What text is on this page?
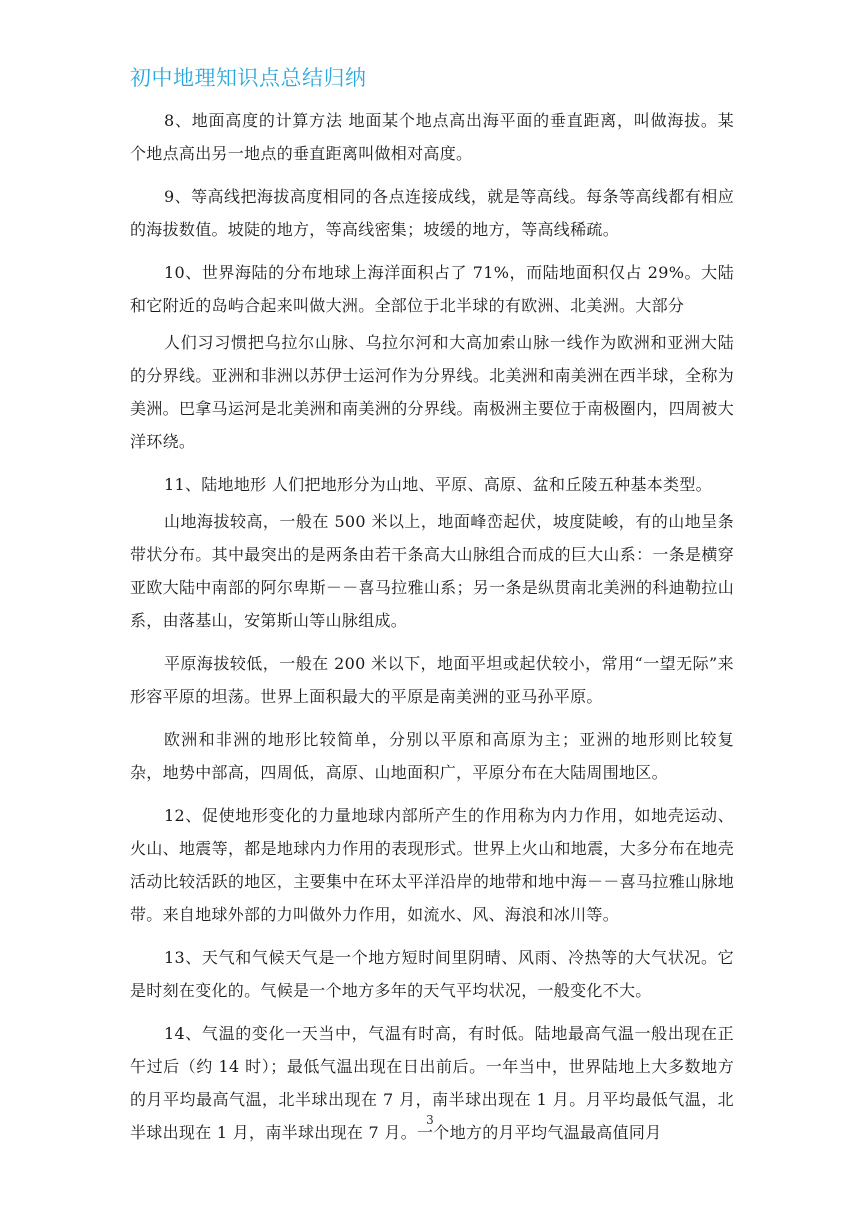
初中地理知识点总结归纳

8、地面高度的计算方法 地面某个地点高出海平面的垂直距离，叫做海拔。某个地点高出另一地点的垂直距离叫做相对高度。

9、等高线把海拔高度相同的各点连接成线，就是等高线。每条等高线都有相应的海拔数值。坡陡的地方，等高线密集；坡缓的地方，等高线稀疏。

10、世界海陆的分布地球上海洋面积占了 71%，而陆地面积仅占 29%。大陆和它附近的岛屿合起来叫做大洲。全部位于北半球的有欧洲、北美洲。大部分

人们习习惯把乌拉尔山脉、乌拉尔河和大高加索山脉一线作为欧洲和亚洲大陆的分界线。亚洲和非洲以苏伊士运河作为分界线。北美洲和南美洲在西半球，全称为美洲。巴拿马运河是北美洲和南美洲的分界线。南极洲主要位于南极圈内，四周被大洋环绕。

11、陆地地形 人们把地形分为山地、平原、高原、盆和丘陵五种基本类型。

山地海拔较高，一般在 500 米以上，地面峰峦起伏，坡度陡峻，有的山地呈条带状分布。其中最突出的是两条由若干条高大山脉组合而成的巨大山系：一条是横穿亚欧大陆中南部的阿尔卑斯－－喜马拉雅山系；另一条是纵贯南北美洲的科迪勒拉山系，由落基山，安第斯山等山脉组成。

平原海拔较低，一般在 200 米以下，地面平坦或起伏较小，常用“一望无际”来形容平原的坦荡。世界上面积最大的平原是南美洲的亚马孙平原。

欧洲和非洲的地形比较简单，分别以平原和高原为主；亚洲的地形则比较复杂，地势中部高，四周低，高原、山地面积广，平原分布在大陆周围地区。

12、促使地形变化的力量地球内部所产生的作用称为内力作用，如地壳运动、火山、地震等，都是地球内力作用的表现形式。世界上火山和地震，大多分布在地壳活动比较活跃的地区，主要集中在环太平洋沿岸的地带和地中海－－喜马拉雅山脉地带。来自地球外部的力叫做外力作用，如流水、风、海浪和冰川等。

13、天气和气候天气是一个地方短时间里阴晴、风雨、冷热等的大气状况。它是时刻在变化的。气候是一个地方多年的天气平均状况，一般变化不大。

14、气温的变化一天当中，气温有时高，有时低。陆地最高气温一般出现在正午过后（约 14 时）；最低气温出现在日出前后。一年当中，世界陆地上大多数地方的月平均最高气温，北半球出现在 7 月，南半球出现在 1 月。月平均最低气温，北半球出现在 1 月，南半球出现在 7 月。一个地方的月平均气温最高值同月

3
